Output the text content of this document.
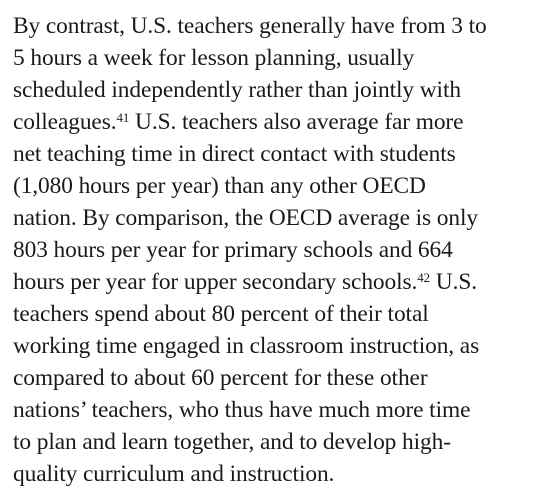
By contrast, U.S. teachers generally have from 3 to
5 hours a week for lesson planning, usually
scheduled independently rather than jointly with
colleagues.$^{41}$ U.S. teachers also average far more
net teaching time in direct contact with students
(1,080 hours per year) than any other OECD
nation. By comparison, the OECD average is only
803 hours per year for primary schools and 664
hours per year for upper secondary schools.$^{42}$ U.S.
teachers spend about 80 percent of their total
working time engaged in classroom instruction, as
compared to about 60 percent for these other
nations’ teachers, who thus have much more time
to plan and learn together, and to develop high-
quality curriculum and instruction.
